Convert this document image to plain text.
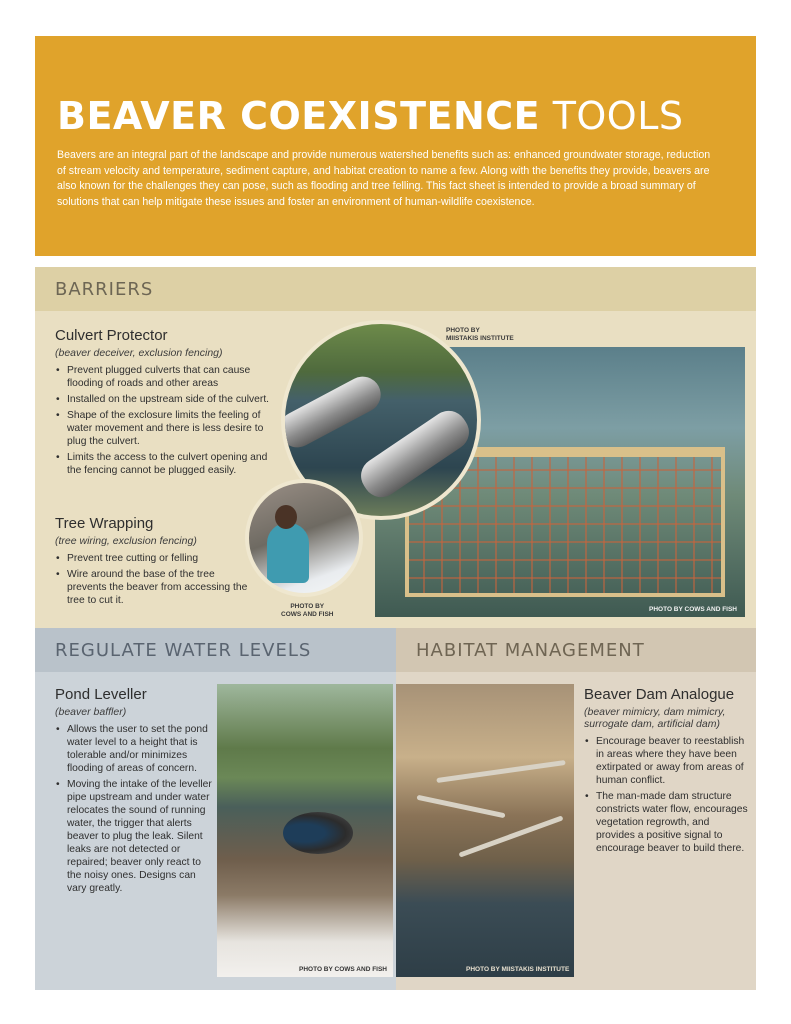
BEAVER COEXISTENCE TOOLS

Beavers are an integral part of the landscape and provide numerous watershed benefits such as: enhanced groundwater storage, reduction of stream velocity and temperature, sediment capture, and habitat creation to name a few. Along with the benefits they provide, beavers are also known for the challenges they can pose, such as flooding and tree felling. This fact sheet is intended to provide a broad summary of solutions that can help mitigate these issues and foster an environment of human-wildlife coexistence.

BARRIERS
Culvert Protector
(beaver deceiver, exclusion fencing)
• Prevent plugged culverts that can cause flooding of roads and other areas
• Installed on the upstream side of the culvert.
• Shape of the exclosure limits the feeling of water movement and there is less desire to plug the culvert.
• Limits the access to the culvert opening and the fencing cannot be plugged easily.
Tree Wrapping
(tree wiring, exclusion fencing)
• Prevent tree cutting or felling
• Wire around the base of the tree prevents the beaver from accessing the tree to cut it.
PHOTO BY
MIISTAKIS INSTITUTE
PHOTO BY COWS AND FISH
PHOTO BY
COWS AND FISH
REGULATE WATER LEVELS
Pond Leveller
(beaver baffler)
• Allows the user to set the pond water level to a height that is tolerable and/or minimizes flooding of areas of concern.
• Moving the intake of the leveller pipe upstream and under water relocates the sound of running water, the trigger that alerts beaver to plug the leak. Silent leaks are not detected or repaired; beaver only react to the noisy ones. Designs can vary greatly.
PHOTO BY COWS AND FISH
HABITAT MANAGEMENT
PHOTO BY MIISTAKIS INSTITUTE
Beaver Dam Analogue
(beaver mimicry, dam mimicry, surrogate dam, artificial dam)
• Encourage beaver to reestablish in areas where they have been extirpated or away from areas of human conflict.
• The man-made dam structure constricts water flow, encourages vegetation regrowth, and provides a positive signal to encourage beaver to build there.
